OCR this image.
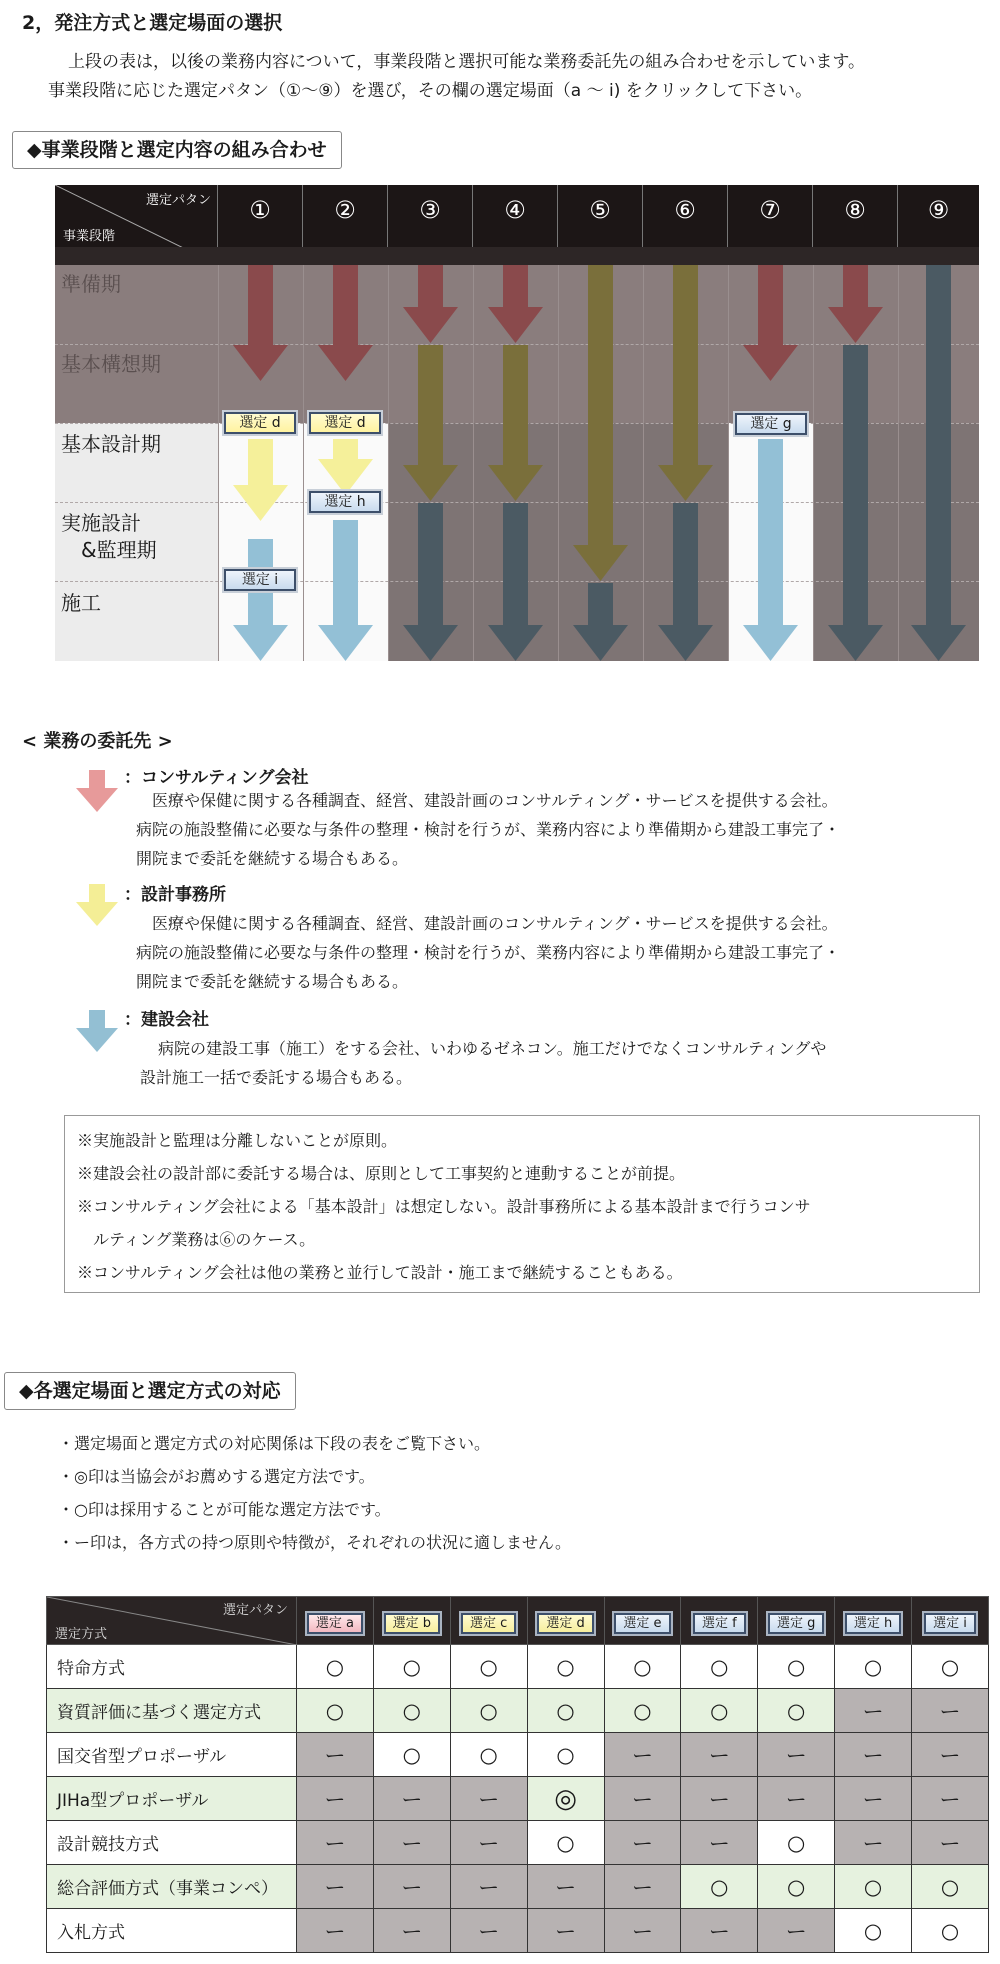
2，発注方式と選定場面の選択
上段の表は，以後の業務内容について，事業段階と選択可能な業務委託先の組み合わせを示しています。
事業段階に応じた選定パタン（①〜⑨）を選び，その欄の選定場面（a 〜 i) をクリックして下さい。
◆事業段階と選定内容の組み合わせ
選定パタン
事業段階
①	②	③	④	⑤	⑥	⑦	⑧	⑨
準備期
基本構想期
基本設計期
実施設計
&監理期
施工
選定 d	選定 d	選定 g
選定 h
選定 i
< 業務の委託先 >
：コンサルティング会社
医療や保健に関する各種調査、経営、建設計画のコンサルティング・サービスを提供する会社。
病院の施設整備に必要な与条件の整理・検討を行うが、業務内容により準備期から建設工事完了・
開院まで委託を継続する場合もある。
：設計事務所
医療や保健に関する各種調査、経営、建設計画のコンサルティング・サービスを提供する会社。
病院の施設整備に必要な与条件の整理・検討を行うが、業務内容により準備期から建設工事完了・
開院まで委託を継続する場合もある。
：建設会社
病院の建設工事（施工）をする会社、いわゆるゼネコン。施工だけでなくコンサルティングや
設計施工一括で委託する場合もある。
※実施設計と監理は分離しないことが原則。
※建設会社の設計部に委託する場合は、原則として工事契約と連動することが前提。
※コンサルティング会社による「基本設計」は想定しない。設計事務所による基本設計まで行うコンサ
　ルティング業務は⑥のケース。
※コンサルティング会社は他の業務と並行して設計・施工まで継続することもある。
◆各選定場面と選定方式の対応
・選定場面と選定方式の対応関係は下段の表をご覧下さい。
・◎印は当協会がお薦めする選定方法です。
・○印は採用することが可能な選定方法です。
・ー印は，各方式の持つ原則や特徴が，それぞれの状況に適しません。
選定パタン
選定方式	選定 a	選定 b	選定 c	選定 d	選定 e	選定 f	選定 g	選定 h	選定 i
特命方式	○	○	○	○	○	○	○	○	○
資質評価に基づく選定方式	○	○	○	○	○	○	○	ー	ー
国交省型プロポーザル	ー	○	○	○	ー	ー	ー	ー	ー
JIHa型プロポーザル	ー	ー	ー	◎	ー	ー	ー	ー	ー
設計競技方式	ー	ー	ー	○	ー	ー	○	ー	ー
総合評価方式（事業コンペ）	ー	ー	ー	ー	ー	○	○	○	○
入札方式	ー	ー	ー	ー	ー	ー	ー	○	○
